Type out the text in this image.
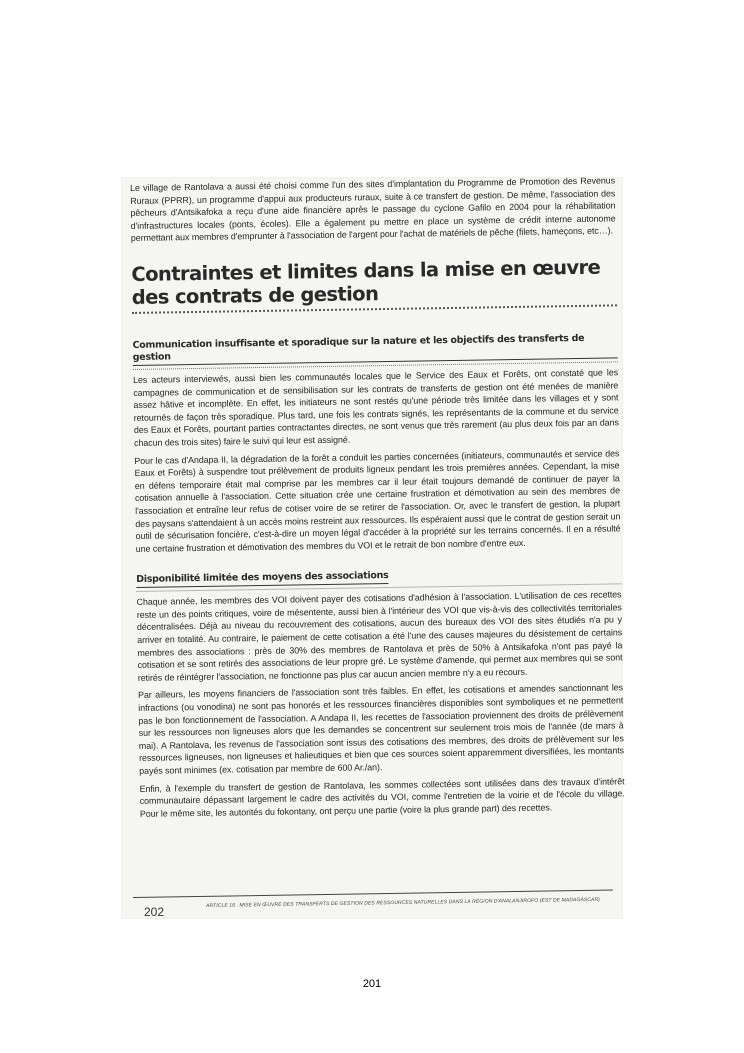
Le village de Rantolava a aussi été choisi comme l'un des sites d'implantation du Programme de Promotion des Revenus Ruraux (PPRR), un programme d'appui aux producteurs ruraux, suite à ce transfert de gestion. De même, l'association des pêcheurs d'Antsikafoka a reçu d'une aide financière après le passage du cyclone Gafilo en 2004 pour la réhabilitation d'infrastructures locales (ponts, écoles). Elle a également pu mettre en place un système de crédit interne autonome permettant aux membres d'emprunter à l'association de l'argent pour l'achat de matériels de pêche (filets, hameçons, etc…).

Contraintes et limites dans la mise en œuvre des contrats de gestion
Communication insuffisante et sporadique sur la nature et les objectifs des transferts de gestion

Les acteurs interviewés, aussi bien les communautés locales que le Service des Eaux et Forêts, ont constaté que les campagnes de communication et de sensibilisation sur les contrats de transferts de gestion ont été menées de manière assez hâtive et incomplète. En effet, les initiateurs ne sont restés qu'une période très limitée dans les villages et y sont retournés de façon très sporadique. Plus tard, une fois les contrats signés, les représentants de la commune et du service des Eaux et Forêts, pourtant parties contractantes directes, ne sont venus que très rarement (au plus deux fois par an dans chacun des trois sites) faire le suivi qui leur est assigné.

Pour le cas d'Andapa II, la dégradation de la forêt a conduit les parties concernées (initiateurs, communautés et service des Eaux et Forêts) à suspendre tout prélèvement de produits ligneux pendant les trois premières années. Cependant, la mise en défens temporaire était mal comprise par les membres car il leur était toujours demandé de continuer de payer la cotisation annuelle à l'association. Cette situation crée une certaine frustration et démotivation au sein des membres de l'association et entraîne leur refus de cotiser voire de se retirer de l'association. Or, avec le transfert de gestion, la plupart des paysans s'attendaient à un accès moins restreint aux ressources. Ils espéraient aussi que le contrat de gestion serait un outil de sécurisation foncière, c'est-à-dire un moyen légal d'accéder à la propriété sur les terrains concernés. Il en a résulté une certaine frustration et démotivation des membres du VOI et le retrait de bon nombre d'entre eux.

Disponibilité limitée des moyens des associations

Chaque année, les membres des VOI doivent payer des cotisations d'adhésion à l'association. L'utilisation de ces recettes reste un des points critiques, voire de mésentente, aussi bien à l'intérieur des VOI que vis-à-vis des collectivités territoriales décentralisées. Déjà au niveau du recouvrement des cotisations, aucun des bureaux des VOI des sites étudiés n'a pu y arriver en totalité. Au contraire, le paiement de cette cotisation a été l'une des causes majeures du désistement de certains membres des associations : près de 30% des membres de Rantolava et près de 50% à Antsikafoka n'ont pas payé la cotisation et se sont retirés des associations de leur propre gré. Le système d'amende, qui permet aux membres qui se sont retirés de réintégrer l'association, ne fonctionne pas plus car aucun ancien membre n'y a eu recours.

Par ailleurs, les moyens financiers de l'association sont très faibles. En effet, les cotisations et amendes sanctionnant les infractions (ou vonodina) ne sont pas honorés et les ressources financières disponibles sont symboliques et ne permettent pas le bon fonctionnement de l'association. A Andapa II, les recettes de l'association proviennent des droits de prélèvement sur les ressources non ligneuses alors que les demandes se concentrent sur seulement trois mois de l'année (de mars à mai). A Rantolava, les revenus de l'association sont issus des cotisations des membres, des droits de prélèvement sur les ressources ligneuses, non ligneuses et halieutiques et bien que ces sources soient apparemment diversifiées, les montants payés sont minimes (ex. cotisation par membre de 600 Ar./an).

Enfin, à l'exemple du transfert de gestion de Rantolava, les sommes collectées sont utilisées dans des travaux d'intérêt communautaire dépassant largement le cadre des activités du VOI, comme l'entretien de la voirie et de l'école du village. Pour le même site, les autorités du fokontany, ont perçu une partie (voire la plus grande part) des recettes.

202
ARTICLE 18 : MISE EN ŒUVRE DES TRANSFERTS DE GESTION DES RESSOURCES NATURELLES DANS LA RÉGION D'ANALANJIROFO (EST DE MADAGASCAR)
201
